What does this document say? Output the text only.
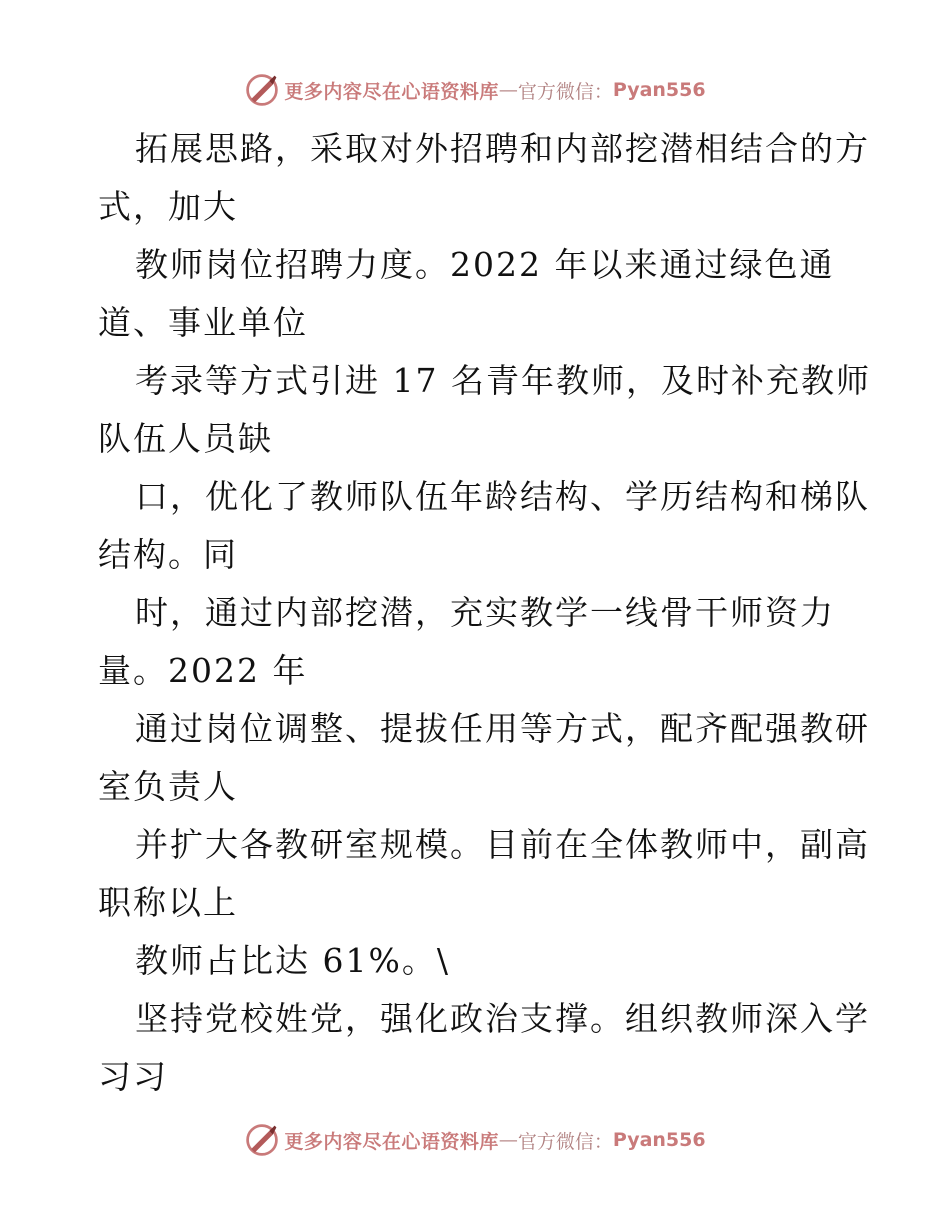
更多内容尽在心语资料库 — 官方微信： Pyan556
拓展思路，采取对外招聘和内部挖潜相结合的方
式，加大
教师岗位招聘力度。2022 年以来通过绿色通
道、事业单位
考录等方式引进 17 名青年教师，及时补充教师
队伍人员缺
口，优化了教师队伍年龄结构、学历结构和梯队
结构。同
时，通过内部挖潜，充实教学一线骨干师资力
量。2022 年
通过岗位调整、提拔任用等方式，配齐配强教研
室负责人
并扩大各教研室规模。目前在全体教师中，副高
职称以上
教师占比达 61%。\
坚持党校姓党，强化政治支撑。组织教师深入学
习习
更多内容尽在心语资料库 — 官方微信： Pyan556
